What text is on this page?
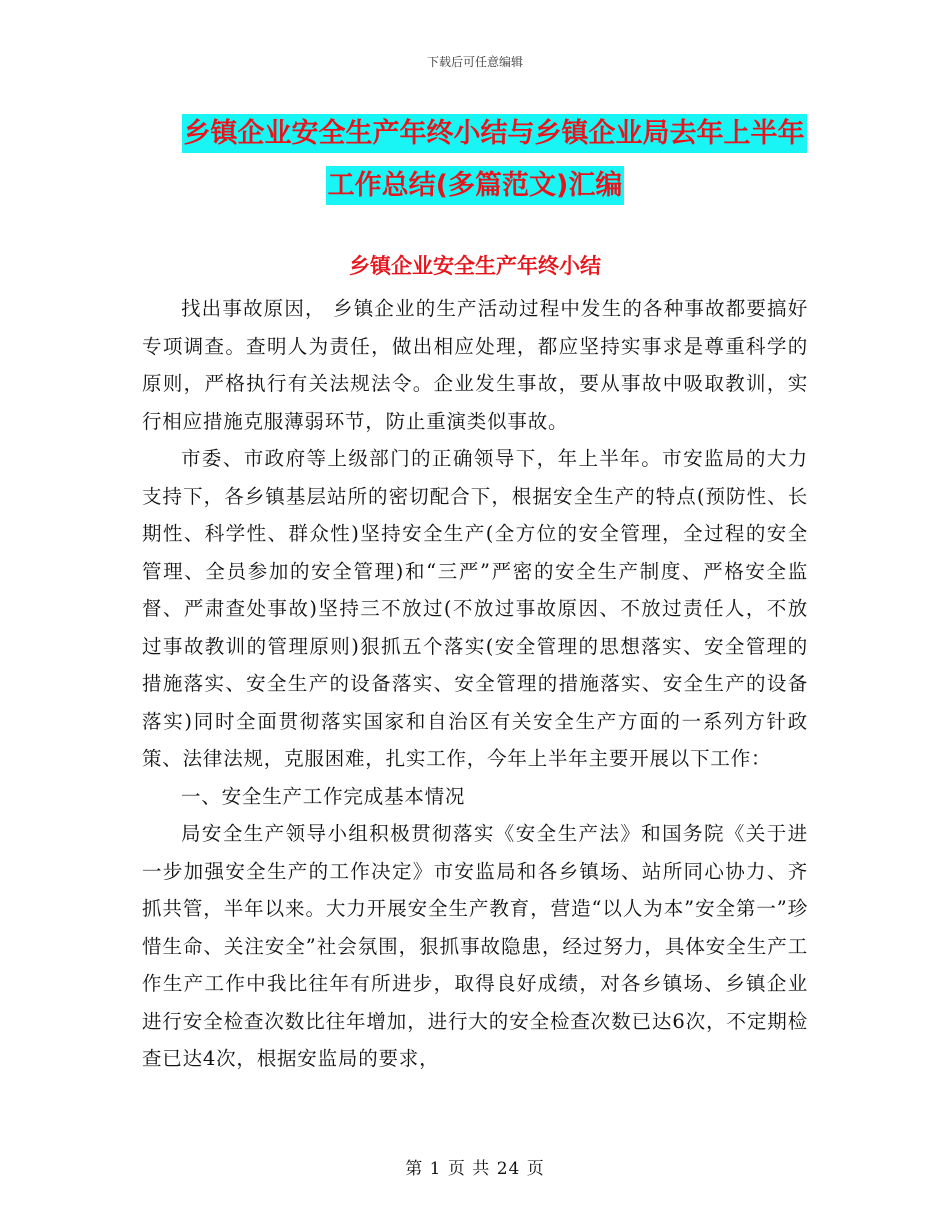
下载后可任意编辑
乡镇企业安全生产年终小结与乡镇企业局去年上半年
工作总结(多篇范文)汇编
乡镇企业安全生产年终小结

找出事故原因， 乡镇企业的生产活动过程中发生的各种事故都要搞好专项调查。查明人为责任，做出相应处理，都应坚持实事求是尊重科学的原则，严格执行有关法规法令。企业发生事故，要从事故中吸取教训，实行相应措施克服薄弱环节，防止重演类似事故。

市委、市政府等上级部门的正确领导下，年上半年。市安监局的大力支持下，各乡镇基层站所的密切配合下，根据安全生产的特点(预防性、长期性、科学性、群众性)坚持安全生产(全方位的安全管理，全过程的安全管理、全员参加的安全管理)和“三严”严密的安全生产制度、严格安全监督、严肃查处事故)坚持三不放过(不放过事故原因、不放过责任人，不放过事故教训的管理原则)狠抓五个落实(安全管理的思想落实、安全管理的措施落实、安全生产的设备落实、安全管理的措施落实、安全生产的设备落实)同时全面贯彻落实国家和自治区有关安全生产方面的一系列方针政策、法律法规，克服困难，扎实工作，今年上半年主要开展以下工作：

一、安全生产工作完成基本情况

局安全生产领导小组积极贯彻落实《安全生产法》和国务院《关于进一步加强安全生产的工作决定》市安监局和各乡镇场、站所同心协力、齐抓共管，半年以来。大力开展安全生产教育，营造“以人为本”安全第一”珍惜生命、关注安全”社会氛围，狠抓事故隐患，经过努力，具体安全生产工作生产工作中我比往年有所进步，取得良好成绩，对各乡镇场、乡镇企业进行安全检查次数比往年增加，进行大的安全检查次数已达6次，不定期检查已达4次，根据安监局的要求，

第 1 页 共 24 页
